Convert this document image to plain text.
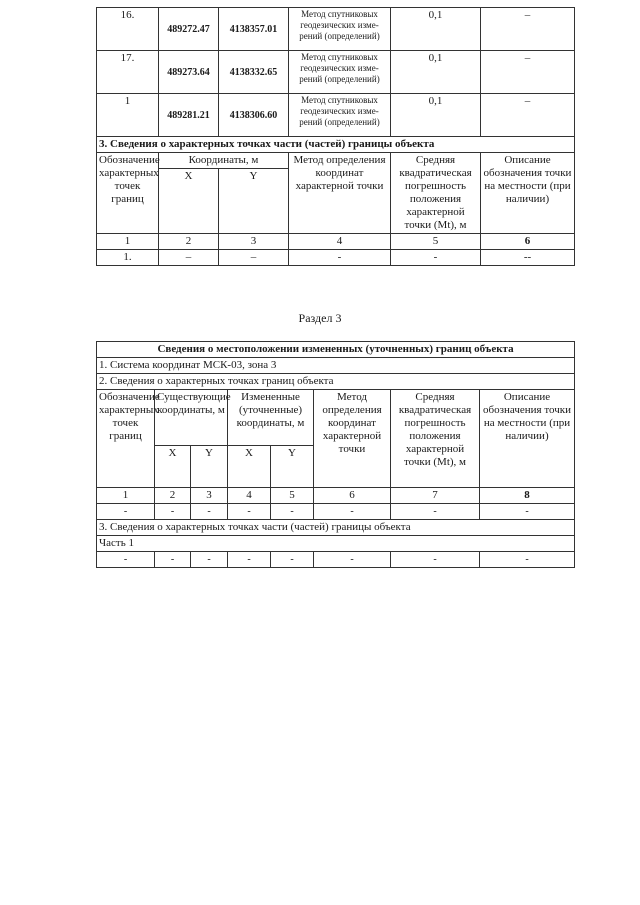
16.	489272.47	4138357.01	Метод спутниковых геодезических изме- рений (определений)	0,1	–
17.	489273.64	4138332.65	Метод спутниковых геодезических изме- рений (определений)	0,1	–
1	489281.21	4138306.60	Метод спутниковых геодезических изме- рений (определений)	0,1	–
3. Сведения о характерных точках части (частей) границы объекта					
Обозначение характерных точек границ	Координаты, м		Метод определения координат характерной точки	Средняя квадратическая погрешность положения характерной точки (Mt), м	Описание обозначения точки на местности (при наличии)
	X	Y			
1	2	3	4	5	6
1.	–	–	-	-	--
Раздел 3
Сведения о местоположении измененных (уточненных) границ объекта							
1. Система координат МСК-03, зона 3							
2. Сведения о характерных точках границ объекта							
Обозначение характерных точек границ	Существующие координаты, м		Измененные (уточненные) координаты, м		Метод определения координат характерной точки	Средняя квадратическая погрешность положения характерной точки (Mt), м	Описание обозначения точки на местности (при наличии)
	X	Y	X	Y			
1	2	3	4	5	6	7	8
-	-	-	-	-	-	-	-
3. Сведения о характерных точках части (частей) границы объекта							
Часть 1							
-	-	-	-	-	-	-	-
